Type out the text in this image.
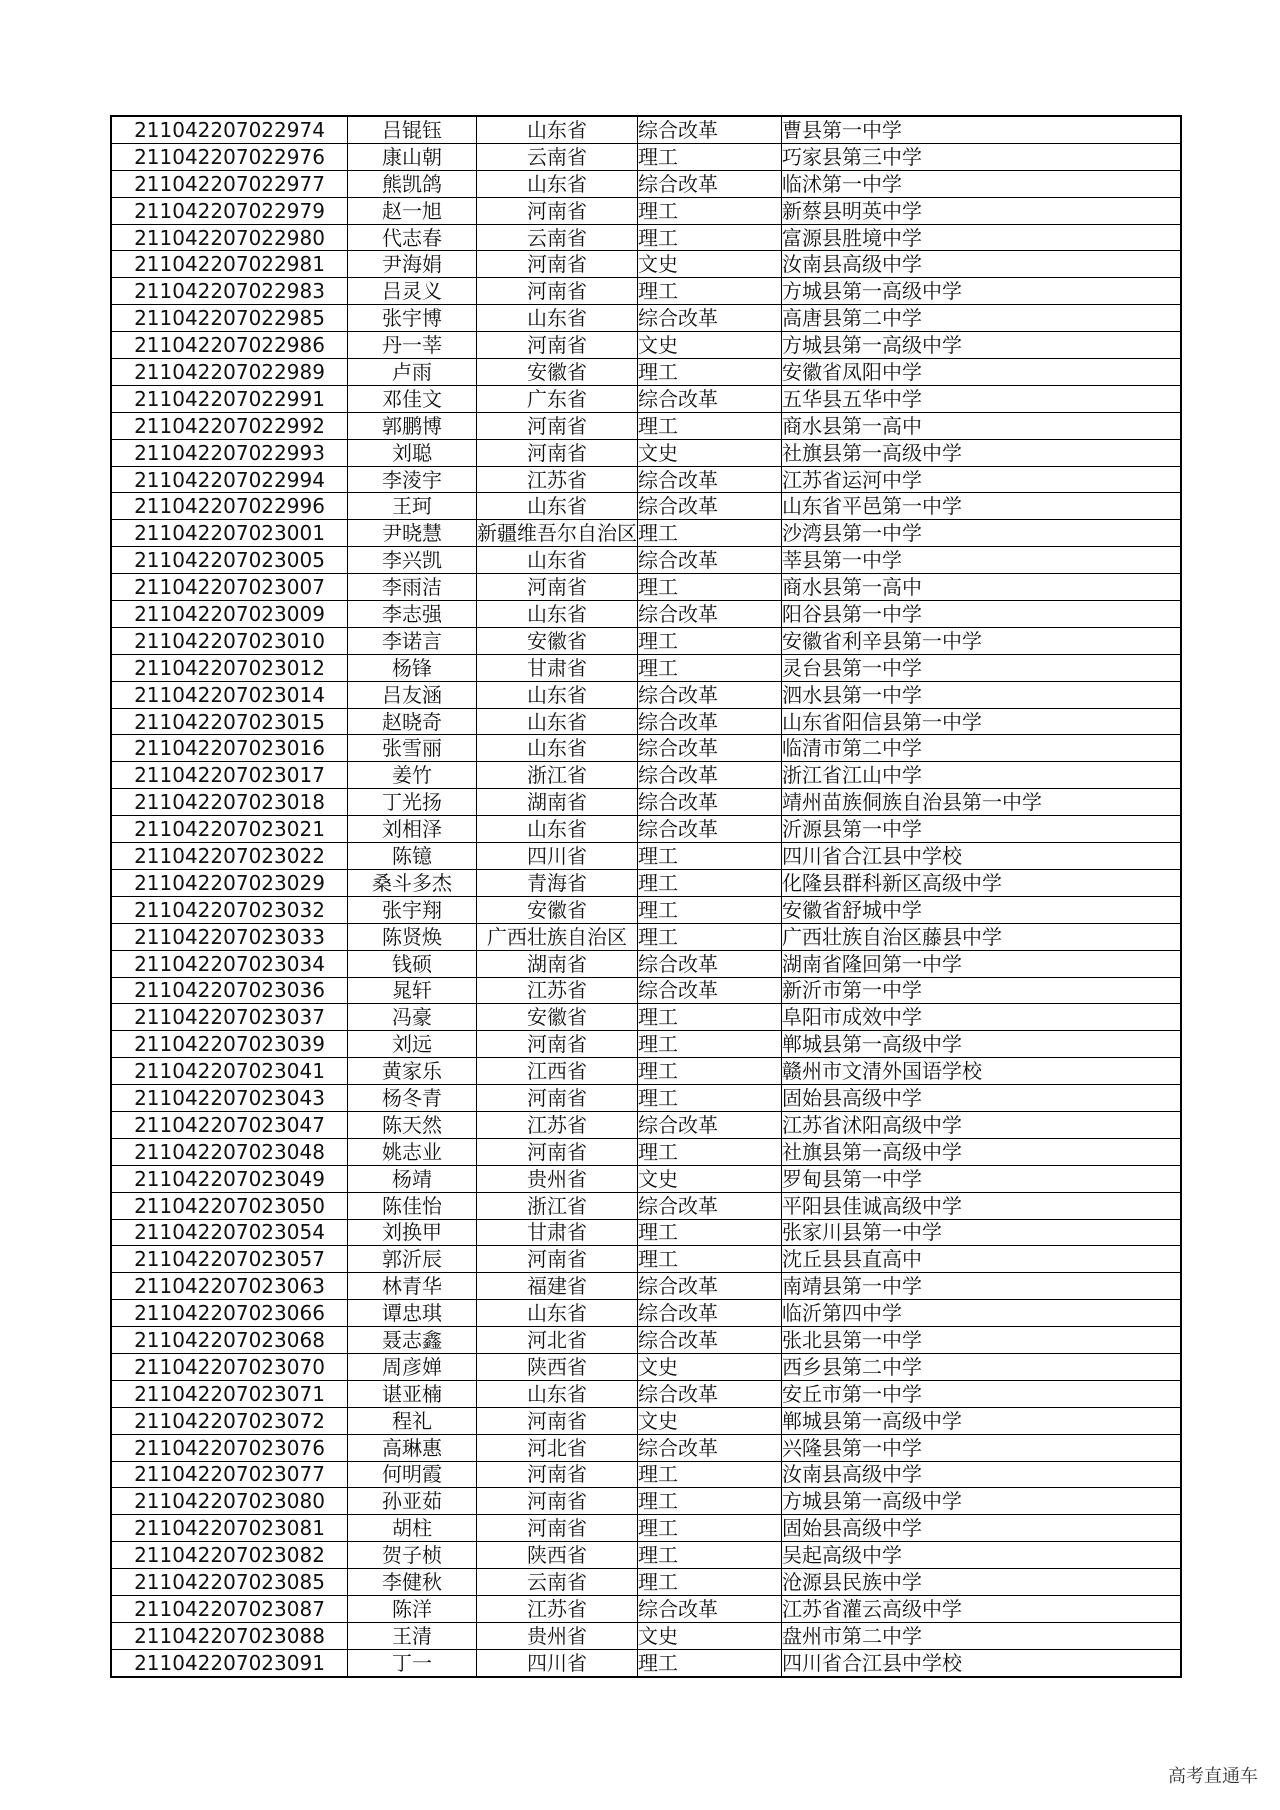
211042207022974	吕锟钰	山东省	综合改革	曹县第一中学
211042207022976	康山朝	云南省	理工	巧家县第三中学
211042207022977	熊凯鸽	山东省	综合改革	临沭第一中学
211042207022979	赵一旭	河南省	理工	新蔡县明英中学
211042207022980	代志春	云南省	理工	富源县胜境中学
211042207022981	尹海娟	河南省	文史	汝南县高级中学
211042207022983	吕灵义	河南省	理工	方城县第一高级中学
211042207022985	张宇博	山东省	综合改革	高唐县第二中学
211042207022986	丹一莘	河南省	文史	方城县第一高级中学
211042207022989	卢雨	安徽省	理工	安徽省凤阳中学
211042207022991	邓佳文	广东省	综合改革	五华县五华中学
211042207022992	郭鹏博	河南省	理工	商水县第一高中
211042207022993	刘聪	河南省	文史	社旗县第一高级中学
211042207022994	李淩宇	江苏省	综合改革	江苏省运河中学
211042207022996	王珂	山东省	综合改革	山东省平邑第一中学
211042207023001	尹晓慧	新疆维吾尔自治区	理工	沙湾县第一中学
211042207023005	李兴凯	山东省	综合改革	莘县第一中学
211042207023007	李雨洁	河南省	理工	商水县第一高中
211042207023009	李志强	山东省	综合改革	阳谷县第一中学
211042207023010	李诺言	安徽省	理工	安徽省利辛县第一中学
211042207023012	杨锋	甘肃省	理工	灵台县第一中学
211042207023014	吕友涵	山东省	综合改革	泗水县第一中学
211042207023015	赵晓奇	山东省	综合改革	山东省阳信县第一中学
211042207023016	张雪丽	山东省	综合改革	临清市第二中学
211042207023017	姜竹	浙江省	综合改革	浙江省江山中学
211042207023018	丁光扬	湖南省	综合改革	靖州苗族侗族自治县第一中学
211042207023021	刘相泽	山东省	综合改革	沂源县第一中学
211042207023022	陈镱	四川省	理工	四川省合江县中学校
211042207023029	桑斗多杰	青海省	理工	化隆县群科新区高级中学
211042207023032	张宇翔	安徽省	理工	安徽省舒城中学
211042207023033	陈贤焕	广西壮族自治区	理工	广西壮族自治区藤县中学
211042207023034	钱硕	湖南省	综合改革	湖南省隆回第一中学
211042207023036	晁轩	江苏省	综合改革	新沂市第一中学
211042207023037	冯豪	安徽省	理工	阜阳市成效中学
211042207023039	刘远	河南省	理工	郸城县第一高级中学
211042207023041	黄家乐	江西省	理工	赣州市文清外国语学校
211042207023043	杨冬青	河南省	理工	固始县高级中学
211042207023047	陈天然	江苏省	综合改革	江苏省沭阳高级中学
211042207023048	姚志业	河南省	理工	社旗县第一高级中学
211042207023049	杨靖	贵州省	文史	罗甸县第一中学
211042207023050	陈佳怡	浙江省	综合改革	平阳县佳诚高级中学
211042207023054	刘换甲	甘肃省	理工	张家川县第一中学
211042207023057	郭沂辰	河南省	理工	沈丘县县直高中
211042207023063	林青华	福建省	综合改革	南靖县第一中学
211042207023066	谭忠琪	山东省	综合改革	临沂第四中学
211042207023068	聂志鑫	河北省	综合改革	张北县第一中学
211042207023070	周彦婵	陕西省	文史	西乡县第二中学
211042207023071	谌亚楠	山东省	综合改革	安丘市第一中学
211042207023072	程礼	河南省	文史	郸城县第一高级中学
211042207023076	高琳惠	河北省	综合改革	兴隆县第一中学
211042207023077	何明霞	河南省	理工	汝南县高级中学
211042207023080	孙亚茹	河南省	理工	方城县第一高级中学
211042207023081	胡柱	河南省	理工	固始县高级中学
211042207023082	贺子桢	陕西省	理工	吴起高级中学
211042207023085	李健秋	云南省	理工	沧源县民族中学
211042207023087	陈洋	江苏省	综合改革	江苏省灌云高级中学
211042207023088	王清	贵州省	文史	盘州市第二中学
211042207023091	丁一	四川省	理工	四川省合江县中学校
高考直通车
